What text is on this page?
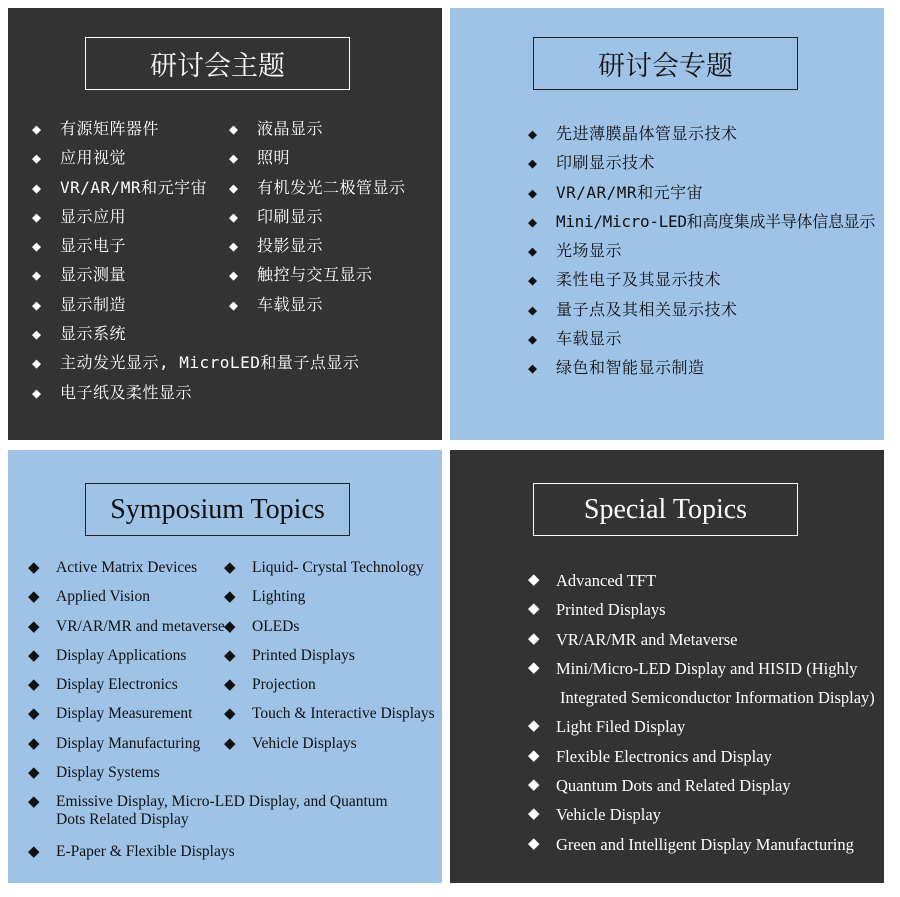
研讨会主题
◆ 有源矩阵器件
◆ 应用视觉
◆ VR/AR/MR和元宇宙
◆ 显示应用
◆ 显示电子
◆ 显示测量
◆ 显示制造
◆ 显示系统
◆ 主动发光显示, MicroLED和量子点显示
◆ 电子纸及柔性显示
◆ 液晶显示
◆ 照明
◆ 有机发光二极管显示
◆ 印刷显示
◆ 投影显示
◆ 触控与交互显示
◆ 车载显示
研讨会专题
◆ 先进薄膜晶体管显示技术
◆ 印刷显示技术
◆ VR/AR/MR和元宇宙
◆ Mini/Micro-LED和高度集成半导体信息显示
◆ 光场显示
◆ 柔性电子及其显示技术
◆ 量子点及其相关显示技术
◆ 车载显示
◆ 绿色和智能显示制造
Symposium Topics
◆ Active Matrix Devices
◆ Applied Vision
◆ VR/AR/MR and metaverse
◆ Display Applications
◆ Display Electronics
◆ Display Measurement
◆ Display Manufacturing
◆ Display Systems
◆ Emissive Display, Micro-LED Display, and Quantum Dots Related Display
◆ E-Paper & Flexible Displays
◆ Liquid- Crystal Technology
◆ Lighting
◆ OLEDs
◆ Printed Displays
◆ Projection
◆ Touch & Interactive Displays
◆ Vehicle Displays
Special Topics
◆ Advanced TFT
◆ Printed Displays
◆ VR/AR/MR and Metaverse
◆ Mini/Micro-LED Display and HISID (Highly
Integrated Semiconductor Information Display)
◆ Light Filed Display
◆ Flexible Electronics and Display
◆ Quantum Dots and Related Display
◆ Vehicle Display
◆ Green and Intelligent Display Manufacturing
